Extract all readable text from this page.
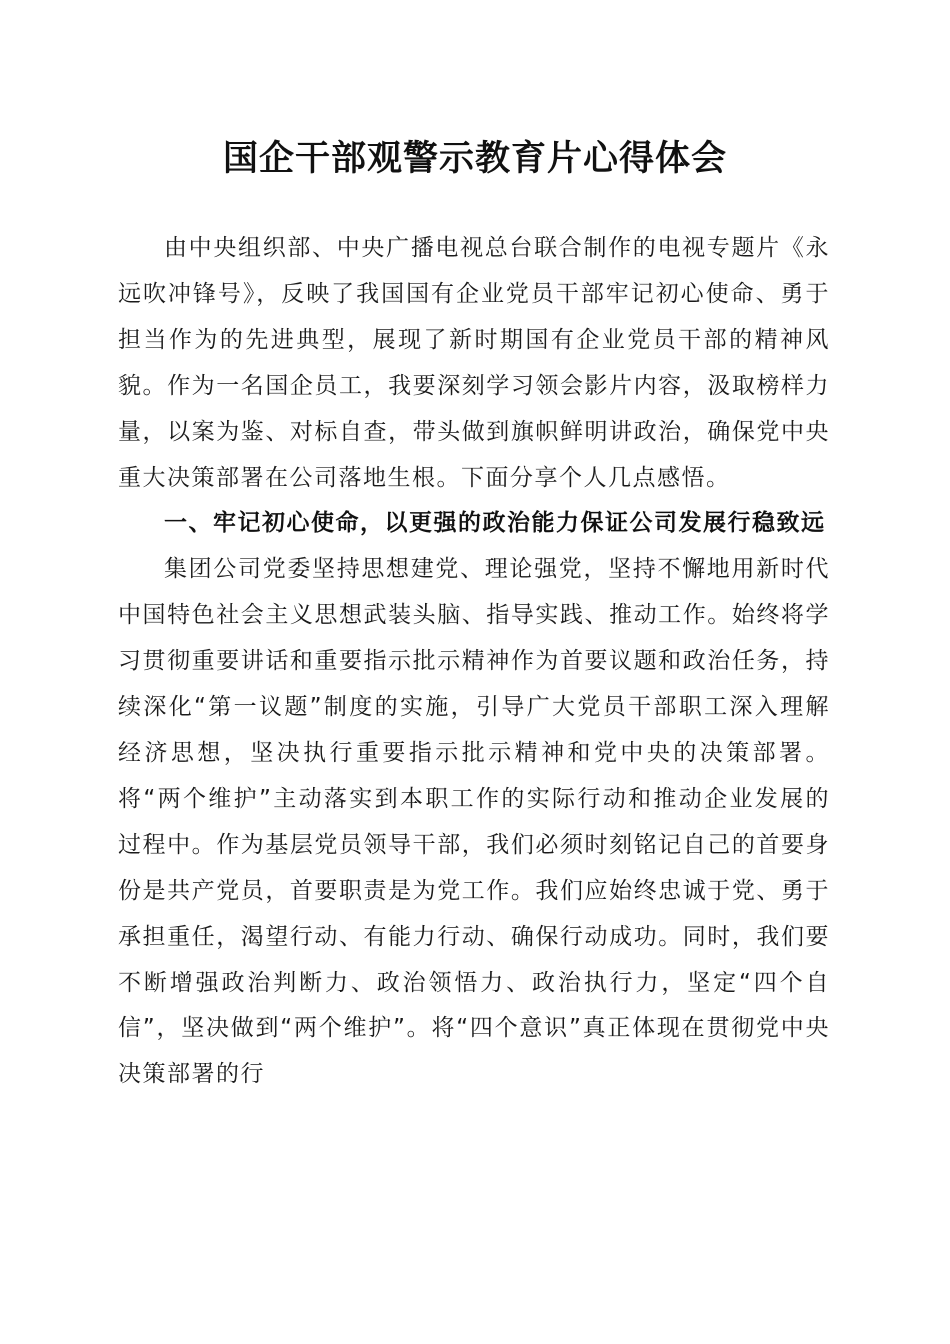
国企干部观警示教育片心得体会

由中央组织部、中央广播电视总台联合制作的电视专题片《永远吹冲锋号》，反映了我国国有企业党员干部牢记初心使命、勇于担当作为的先进典型，展现了新时期国有企业党员干部的精神风貌。作为一名国企员工，我要深刻学习领会影片内容，汲取榜样力量，以案为鉴、对标自查，带头做到旗帜鲜明讲政治，确保党中央重大决策部署在公司落地生根。下面分享个人几点感悟。

一、牢记初心使命，以更强的政治能力保证公司发展行稳致远

集团公司党委坚持思想建党、理论强党，坚持不懈地用新时代中国特色社会主义思想武装头脑、指导实践、推动工作。始终将学习贯彻重要讲话和重要指示批示精神作为首要议题和政治任务，持续深化“第一议题”制度的实施，引导广大党员干部职工深入理解经济思想，坚决执行重要指示批示精神和党中央的决策部署。将“两个维护”主动落实到本职工作的实际行动和推动企业发展的过程中。作为基层党员领导干部，我们必须时刻铭记自己的首要身份是共产党员，首要职责是为党工作。我们应始终忠诚于党、勇于承担重任，渴望行动、有能力行动、确保行动成功。同时，我们要不断增强政治判断力、政治领悟力、政治执行力，坚定“四个自信”，坚决做到“两个维护”。将“四个意识”真正体现在贯彻党中央决策部署的行
